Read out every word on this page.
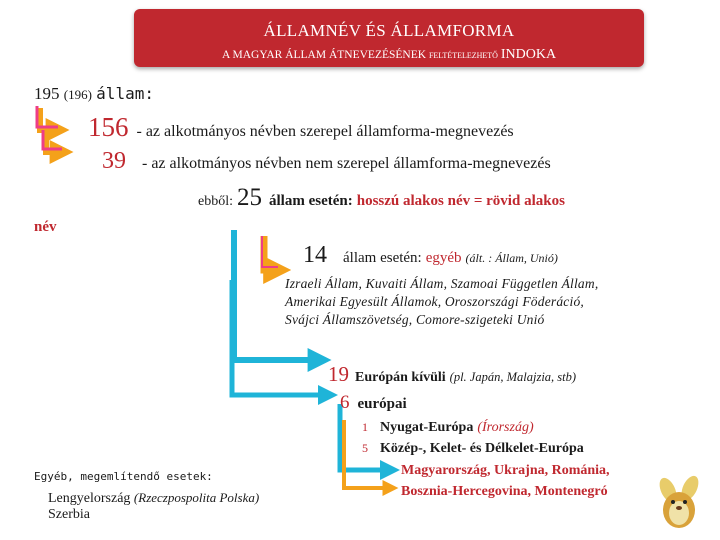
ÁLLAMNÉV ÉS ÁLLAMFORMA
A MAGYAR ÁLLAM ÁTNEVEZÉSÉNEK FELTÉTELEZHETŐ INDOKA
195 (196) állam:
156 - az alkotmányos névben szerepel államforma-megnevezés
39 - az alkotmányos névben nem szerepel államforma-megnevezés
ebből: 25 állam esetén: hosszú alakos név = rövid alakos
név
14 állam esetén: egyéb (ált. : Állam, Unió)
Izraeli Állam, Kuvaiti Állam, Szamoai Független Állam,
Amerikai Egyesült Államok, Oroszországi Föderáció,
Svájci Államszövetség, Comore-szigeteki Unió
19 Európán kívüli (pl. Japán, Malajzia, stb)
6 európai
1 Nyugat-Európa (Írország)
5 Közép-, Kelet- és Délkelet-Európa
Magyarország, Ukrajna, Románia,
Bosznia-Hercegovina, Montenegró
Egyéb, megemlítendő esetek:
Lengyelország (Rzeczpospolita Polska)
Szerbia
